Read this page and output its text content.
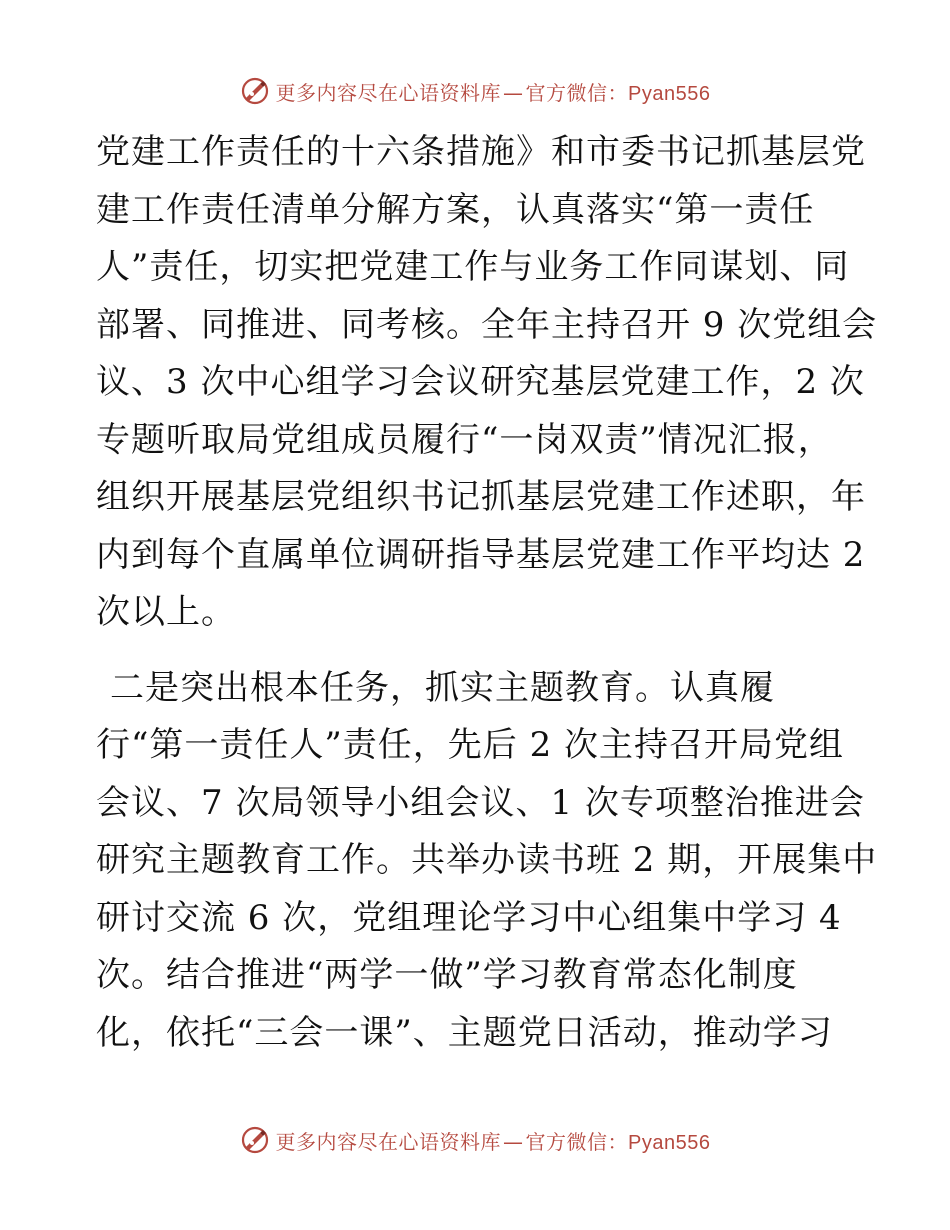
更多内容尽在心语资料库 — 官方微信：Pyan556
党建工作责任的十六条措施》和市委书记抓基层党
建工作责任清单分解方案，认真落实“第一责任
人”责任，切实把党建工作与业务工作同谋划、同
部署、同推进、同考核。全年主持召开 9 次党组会
议、3 次中心组学习会议研究基层党建工作，2 次
专题听取局党组成员履行“一岗双责”情况汇报，
组织开展基层党组织书记抓基层党建工作述职，年
内到每个直属单位调研指导基层党建工作平均达 2
次以上。
二是突出根本任务，抓实主题教育。认真履
行“第一责任人”责任，先后 2 次主持召开局党组
会议、7 次局领导小组会议、1 次专项整治推进会
研究主题教育工作。共举办读书班 2 期，开展集中
研讨交流 6 次，党组理论学习中心组集中学习 4
次。结合推进“两学一做”学习教育常态化制度
化，依托“三会一课”、主题党日活动，推动学习
更多内容尽在心语资料库 — 官方微信：Pyan556
